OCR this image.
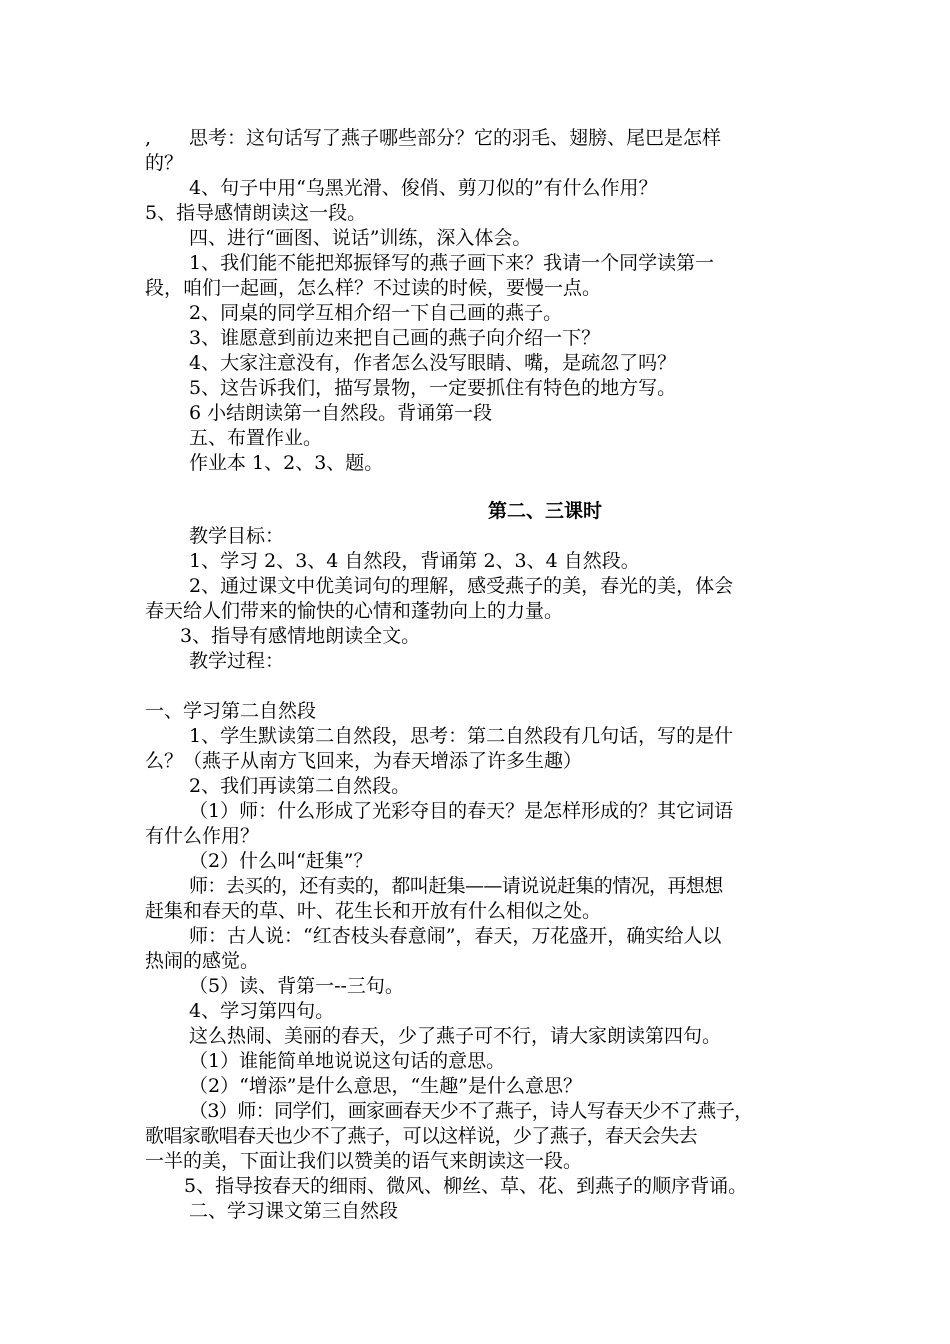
,　　思考：这句话写了燕子哪些部分？它的羽毛、翅膀、尾巴是怎样
的？
4、句子中用“乌黑光滑、俊俏、剪刀似的”有什么作用？
5、指导感情朗读这一段。
四、进行“画图、说话”训练，深入体会。
1、我们能不能把郑振铎写的燕子画下来？我请一个同学读第一
段，咱们一起画，怎么样？不过读的时候，要慢一点。
2、同桌的同学互相介绍一下自己画的燕子。
3、谁愿意到前边来把自己画的燕子向介绍一下？
4、大家注意没有，作者怎么没写眼睛、嘴，是疏忽了吗？
5、这告诉我们，描写景物，一定要抓住有特色的地方写。
6 小结朗读第一自然段。背诵第一段
五、布置作业。
作业本 1、2、3、题。
第二、三课时
教学目标：
1、学习 2、3、4 自然段，背诵第 2、3、4 自然段。
2、通过课文中优美词句的理解，感受燕子的美，春光的美，体会
春天给人们带来的愉快的心情和蓬勃向上的力量。
3、指导有感情地朗读全文。
教学过程：
一、学习第二自然段
1、学生默读第二自然段，思考：第二自然段有几句话，写的是什
么？（燕子从南方飞回来，为春天增添了许多生趣）
2、我们再读第二自然段。
（1）师：什么形成了光彩夺目的春天？是怎样形成的？其它词语
有什么作用？
（2）什么叫“赶集”？
师：去买的，还有卖的，都叫赶集——请说说赶集的情况，再想想
赶集和春天的草、叶、花生长和开放有什么相似之处。
师：古人说：“红杏枝头春意闹”，春天，万花盛开，确实给人以
热闹的感觉。
（5）读、背第一--三句。
4、学习第四句。
这么热闹、美丽的春天，少了燕子可不行，请大家朗读第四句。
（1）谁能简单地说说这句话的意思。
（2）“增添”是什么意思，“生趣”是什么意思？
（3）师：同学们，画家画春天少不了燕子，诗人写春天少不了燕子，
歌唱家歌唱春天也少不了燕子，可以这样说，少了燕子，春天会失去
一半的美，下面让我们以赞美的语气来朗读这一段。
5、指导按春天的细雨、微风、柳丝、草、花、到燕子的顺序背诵。
二、学习课文第三自然段
